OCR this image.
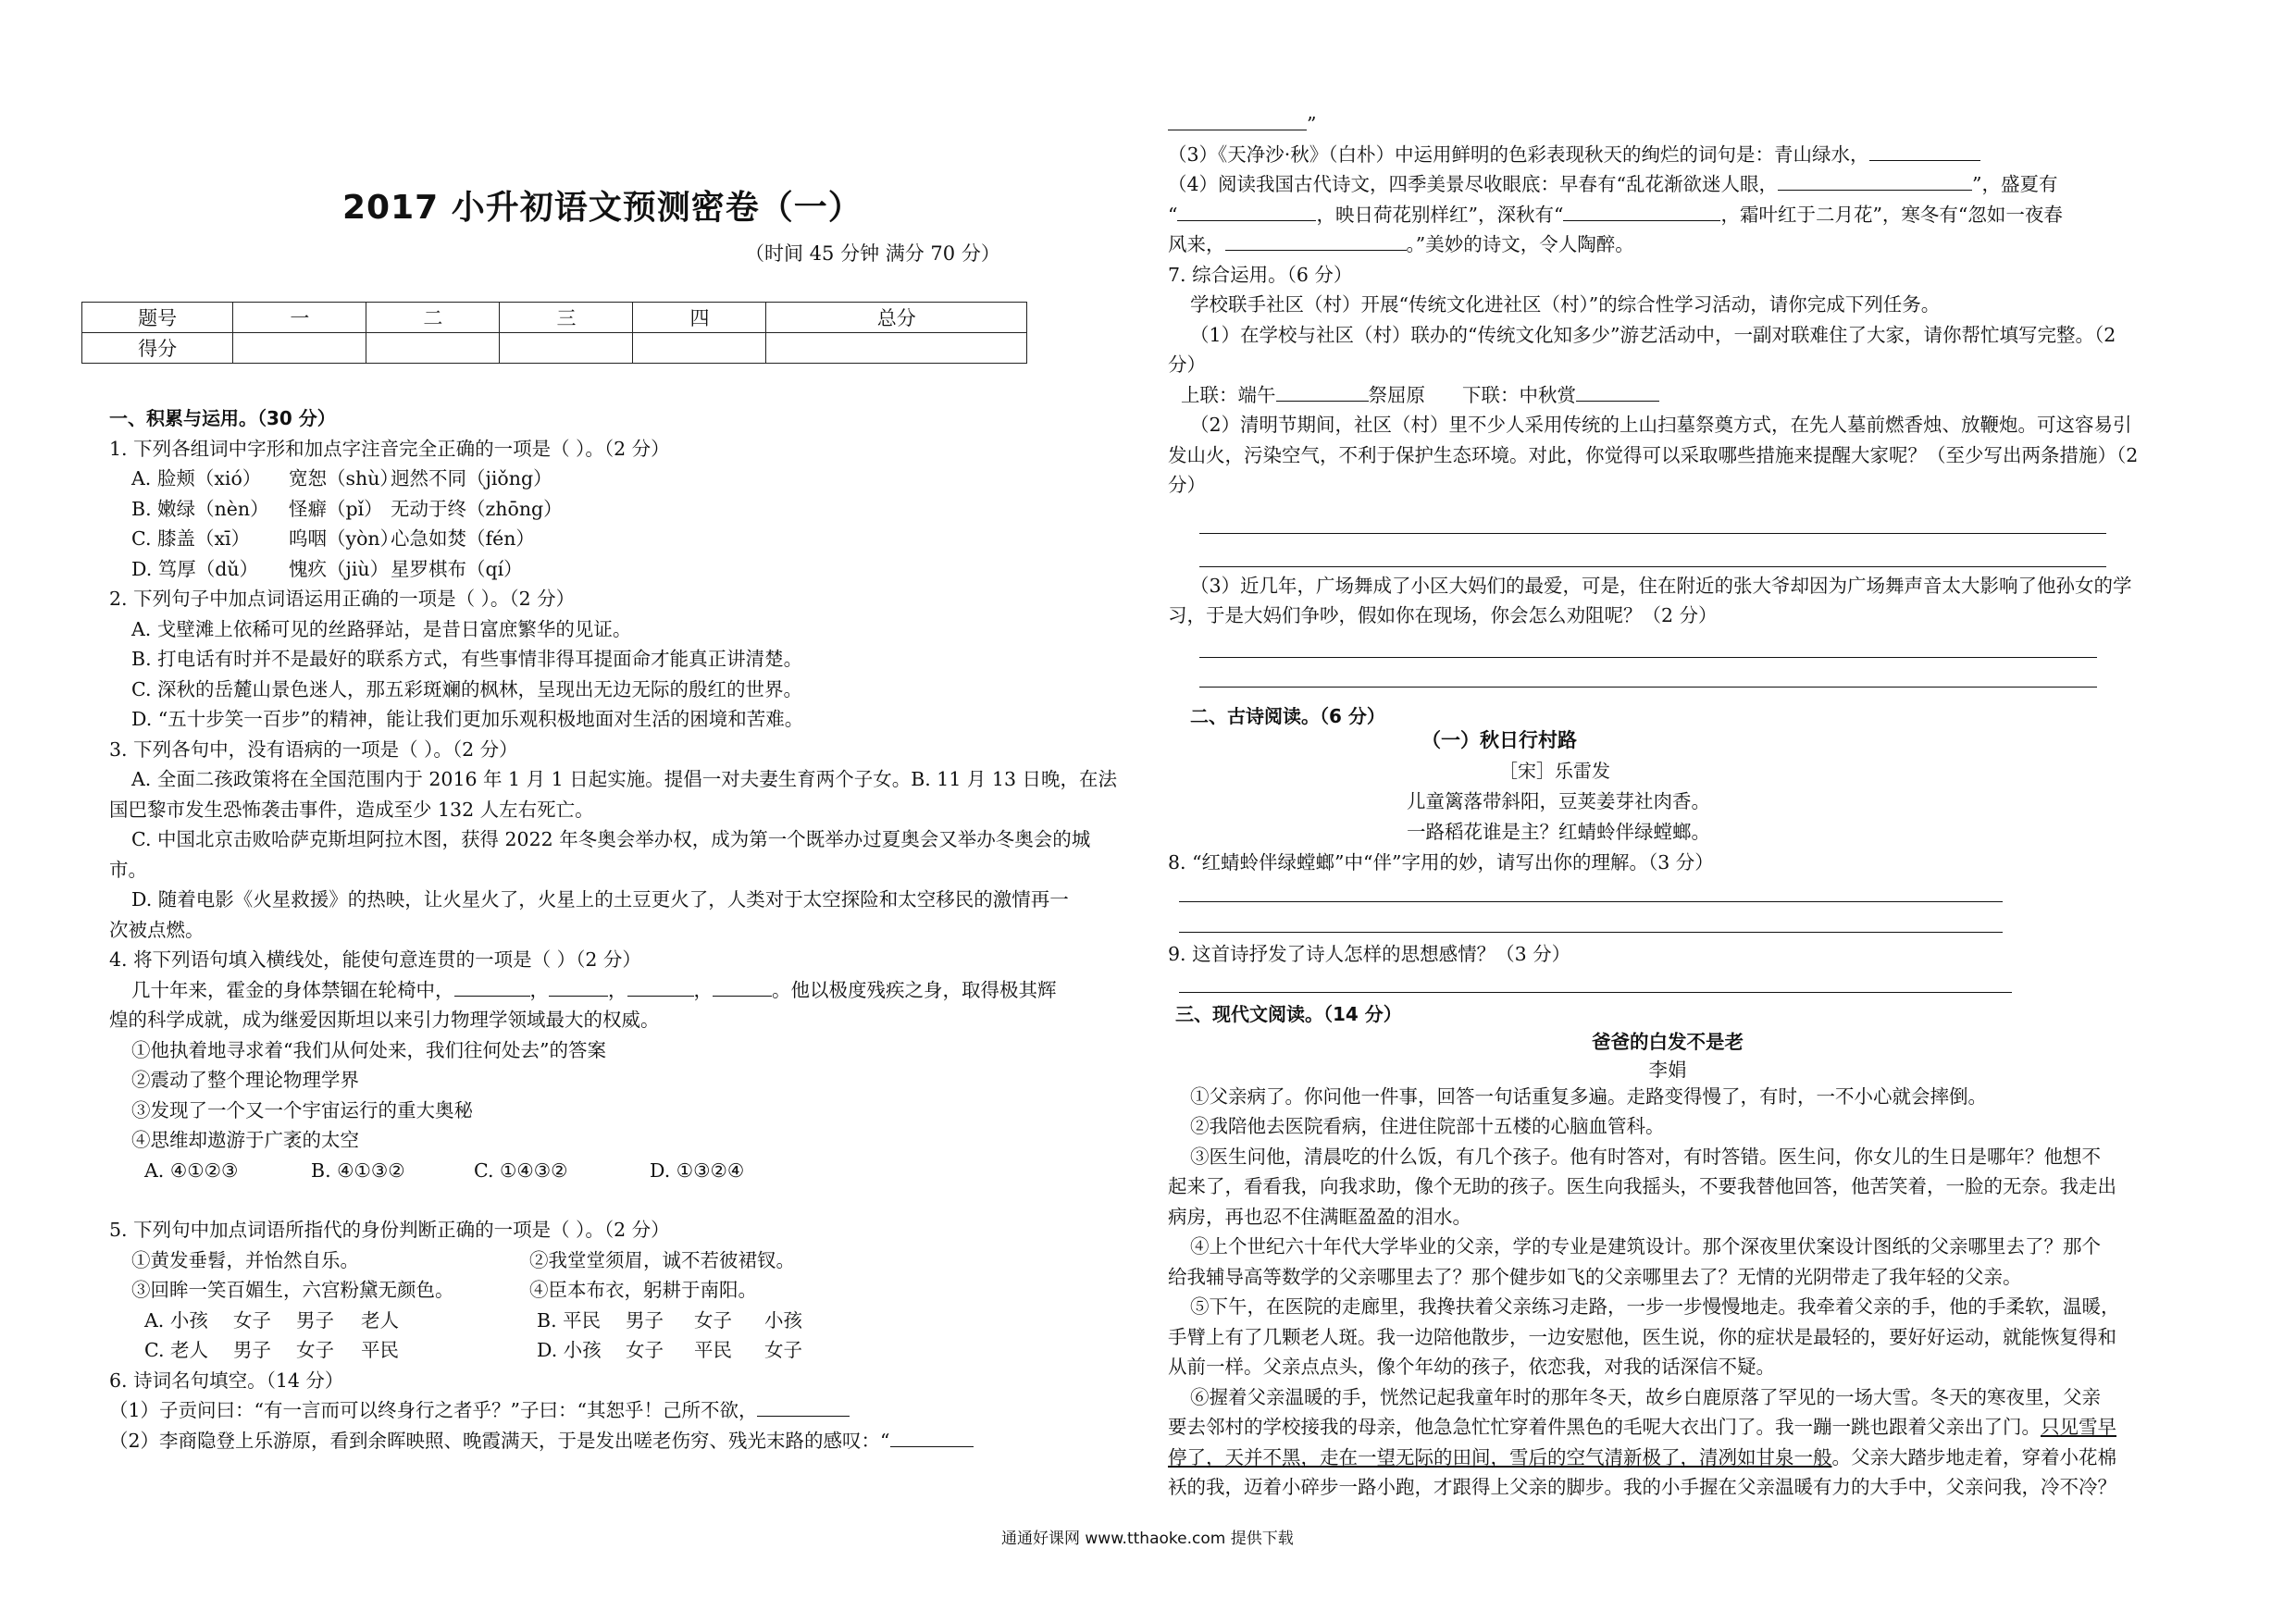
2017 小升初语文预测密卷（一）
（时间 45 分钟 满分 70 分）
题号	一	二	三	四	总分
得分					

一、积累与运用。（30 分）

1. 下列各组词中字形和加点字注音完全正确的一项是（ ）。（2 分）

A. 脸颊（xió） 宽恕（shù）迥然不同（jiǒng）

B. 嫩绿（nèn） 怪癖（pǐ） 无动于终（zhōng）

C. 膝盖（xī） 呜咽（yòn）心急如焚（fén）

D. 笃厚（dǔ） 愧疚（jiù）星罗棋布（qí）

2. 下列句子中加点词语运用正确的一项是（ ）。（2 分）

A. 戈壁滩上依稀可见的丝路驿站，是昔日富庶繁华的见证。

B. 打电话有时并不是最好的联系方式，有些事情非得耳提面命才能真正讲清楚。

C. 深秋的岳麓山景色迷人，那五彩斑斓的枫林，呈现出无边无际的殷红的世界。

D. “五十步笑一百步”的精神，能让我们更加乐观积极地面对生活的困境和苦难。

3. 下列各句中，没有语病的一项是（ ）。（2 分）

A. 全面二孩政策将在全国范围内于 2016 年 1 月 1 日起实施。提倡一对夫妻生育两个子女。B. 11 月 13 日晚，在法

国巴黎市发生恐怖袭击事件，造成至少 132 人左右死亡。

C. 中国北京击败哈萨克斯坦阿拉木图，获得 2022 年冬奥会举办权，成为第一个既举办过夏奥会又举办冬奥会的城

市。

D. 随着电影《火星救援》的热映，让火星火了，火星上的土豆更火了，人类对于太空探险和太空移民的激情再一

次被点燃。

4. 将下列语句填入横线处，能使句意连贯的一项是（ ）（2 分）

几十年来，霍金的身体禁锢在轮椅中，	，	，	，	。他以极度残疾之身，取得极其辉

煌的科学成就，成为继爱因斯坦以来引力物理学领域最大的权威。

①他执着地寻求着“我们从何处来，我们往何处去”的答案

②震动了整个理论物理学界

③发现了一个又一个宇宙运行的重大奥秘

④思维却遨游于广袤的太空

A. ④①②③	B. ④①③②	C. ①④③②	D. ①③②④

5. 下列句中加点词语所指代的身份判断正确的一项是（ ）。（2 分）

①黄发垂髫，并怡然自乐。	②我堂堂须眉，诚不若彼裙钗。

③回眸一笑百媚生，六宫粉黛无颜色。	④臣本布衣，躬耕于南阳。

A. 小孩 女子 男子 老人	B. 平民 男子 女子 小孩

C. 老人 男子 女子 平民	D. 小孩 女子 平民 女子

6. 诗词名句填空。（14 分）

（1）子贡问曰：“有一言而可以终身行之者乎？”子曰：“其恕乎！己所不欲，

（2）李商隐登上乐游原，看到余晖映照、晚霞满天，于是发出嗟老伤穷、残光末路的感叹：“

”

（3）《天净沙·秋》（白朴）中运用鲜明的色彩表现秋天的绚烂的词句是：青山绿水，

（4）阅读我国古代诗文，四季美景尽收眼底：早春有“乱花渐欲迷人眼，	”，盛夏有

“	，映日荷花别样红”，深秋有“	，霜叶红于二月花”，寒冬有“忽如一夜春

风来，	。”美妙的诗文，令人陶醉。

7. 综合运用。（6 分）

学校联手社区（村）开展“传统文化进社区（村）”的综合性学习活动，请你完成下列任务。

（1）在学校与社区（村）联办的“传统文化知多少”游艺活动中，一副对联难住了大家，请你帮忙填写完整。（2

分）

上联：端午	祭屈原 下联：中秋赏

（2）清明节期间，社区（村）里不少人采用传统的上山扫墓祭奠方式，在先人墓前燃香烛、放鞭炮。可这容易引

发山火，污染空气，不利于保护生态环境。对此，你觉得可以采取哪些措施来提醒大家呢？（至少写出两条措施）（2

分）

（3）近几年，广场舞成了小区大妈们的最爱，可是，住在附近的张大爷却因为广场舞声音太大影响了他孙女的学

习，于是大妈们争吵，假如你在现场，你会怎么劝阻呢？（2 分）

二、古诗阅读。（6 分）

（一）秋日行村路
［宋］乐雷发
儿童篱落带斜阳，豆荚姜芽社肉香。
一路稻花谁是主？红蜻蛉伴绿螳螂。
8. “红蜻蛉伴绿螳螂”中“伴”字用的妙，请写出你的理解。（3 分）
9. 这首诗抒发了诗人怎样的思想感情？（3 分）
三、现代文阅读。（14 分）

爸爸的白发不是老

李娟

①父亲病了。你问他一件事，回答一句话重复多遍。走路变得慢了，有时，一不小心就会摔倒。

②我陪他去医院看病，住进住院部十五楼的心脑血管科。

③医生问他，清晨吃的什么饭，有几个孩子。他有时答对，有时答错。医生问，你女儿的生日是哪年？他想不

起来了，看看我，向我求助，像个无助的孩子。医生向我摇头，不要我替他回答，他苦笑着，一脸的无奈。我走出

病房，再也忍不住满眶盈盈的泪水。

④上个世纪六十年代大学毕业的父亲，学的专业是建筑设计。那个深夜里伏案设计图纸的父亲哪里去了？那个

给我辅导高等数学的父亲哪里去了？那个健步如飞的父亲哪里去了？无情的光阴带走了我年轻的父亲。

⑤下午，在医院的走廊里，我搀扶着父亲练习走路，一步一步慢慢地走。我牵着父亲的手，他的手柔软，温暖，

手臂上有了几颗老人斑。我一边陪他散步，一边安慰他，医生说，你的症状是最轻的，要好好运动，就能恢复得和

从前一样。父亲点点头，像个年幼的孩子，依恋我，对我的话深信不疑。

⑥握着父亲温暖的手，恍然记起我童年时的那年冬天，故乡白鹿原落了罕见的一场大雪。冬天的寒夜里，父亲

要去邻村的学校接我的母亲，他急急忙忙穿着件黑色的毛呢大衣出门了。我一蹦一跳也跟着父亲出了门。只见雪早

停了，天并不黑，走在一望无际的田间，雪后的空气清新极了，清冽如甘泉一般。父亲大踏步地走着，穿着小花棉

袄的我，迈着小碎步一路小跑，才跟得上父亲的脚步。我的小手握在父亲温暖有力的大手中，父亲问我，冷不冷？

通通好课网 www.tthaoke.com 提供下载
